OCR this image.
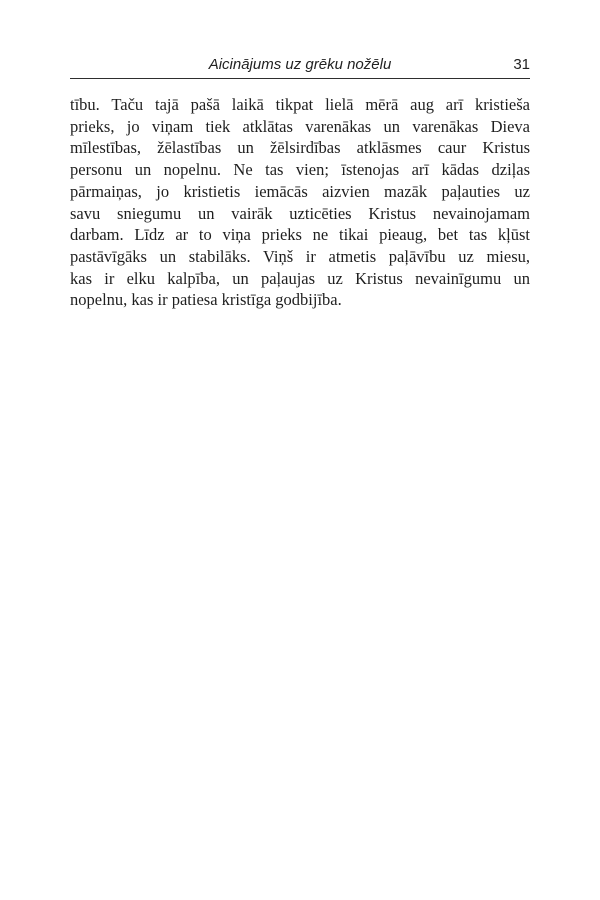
Aicinājums uz grēku nožēlu	31
tību. Taču tajā pašā laikā tikpat lielā mērā aug arī kristieša
prieks, jo viņam tiek atklātas varenākas un varenākas Dieva
mīlestības, žēlastības un žēlsirdības atklāsmes caur Kristus
personu un nopelnu. Ne tas vien; īstenojas arī kādas dziļas
pārmaiņas, jo kristietis iemācās aizvien mazāk paļauties uz
savu sniegumu un vairāk uzticēties Kristus nevainojamam
darbam. Līdz ar to viņa prieks ne tikai pieaug, bet tas kļūst
pastāvīgāks un stabilāks. Viņš ir atmetis paļāvību uz miesu,
kas ir elku kalpība, un paļaujas uz Kristus nevainīgumu un
nopelnu, kas ir patiesa kristīga godbijība.
